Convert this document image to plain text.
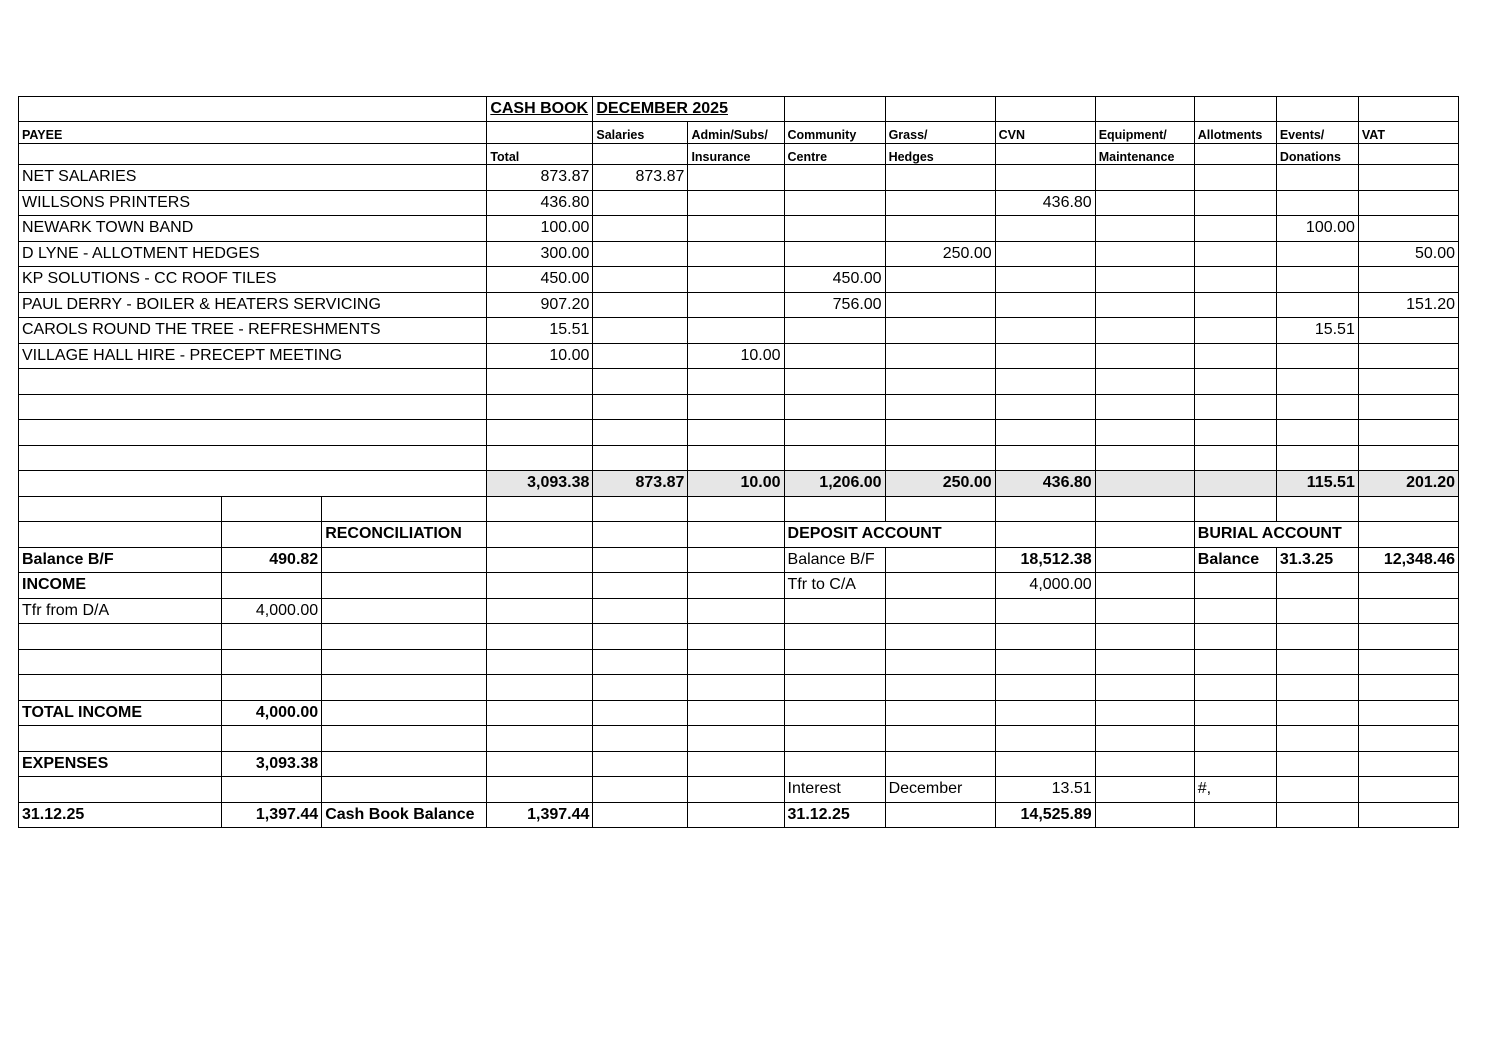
			CASH BOOK	DECEMBER 2025								
PAYEE				Salaries	Admin/Subs/	Community	Grass/	CVN	Equipment/	Allotments	Events/	VAT
			Total		Insurance	Centre	Hedges		Maintenance		Donations	
NET SALARIES			873.87	873.87								
WILLSONS PRINTERS			436.80					436.80				
NEWARK TOWN BAND			100.00								100.00	
D LYNE - ALLOTMENT HEDGES			300.00				250.00					50.00
KP SOLUTIONS - CC ROOF TILES			450.00			450.00						
PAUL DERRY - BOILER & HEATERS SERVICING			907.20			756.00						151.20
CAROLS ROUND THE TREE - REFRESHMENTS			15.51								15.51	
VILLAGE HALL HIRE - PRECEPT MEETING			10.00		10.00							

			3,093.38	873.87	10.00	1,206.00	250.00	436.80			115.51	201.20

		RECONCILIATION				DEPOSIT ACCOUNT				BURIAL ACCOUNT		
Balance B/F	490.82					Balance B/F		18,512.38		Balance	31.3.25	12,348.46
INCOME						Tfr to C/A		4,000.00				
Tfr from D/A	4,000.00											

TOTAL INCOME	4,000.00											

EXPENSES	3,093.38											
						Interest	December	13.51		#,		
31.12.25	1,397.44	Cash Book Balance	1,397.44			31.12.25		14,525.89				
